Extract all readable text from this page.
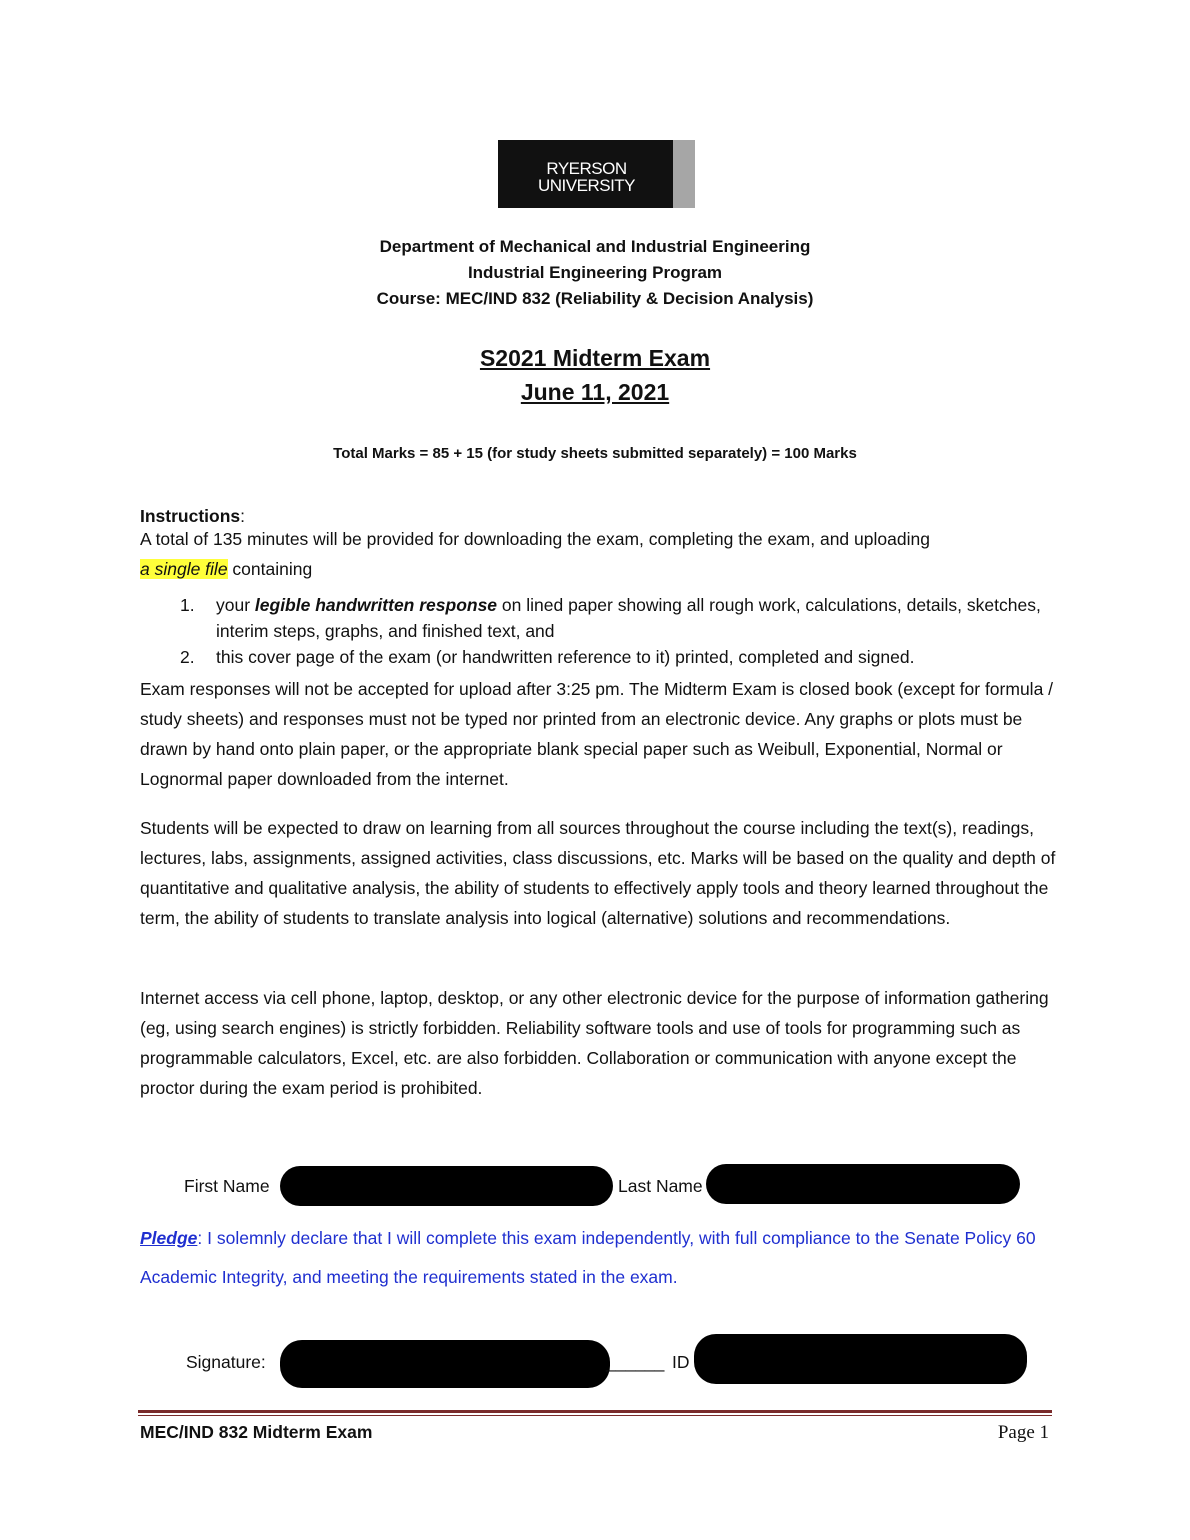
RYERSON
UNIVERSITY
Department of Mechanical and Industrial Engineering
Industrial Engineering Program
Course: MEC/IND 832 (Reliability & Decision Analysis)
S2021 Midterm Exam
June 11, 2021
Total Marks = 85 + 15 (for study sheets submitted separately) = 100 Marks
Instructions:
A total of 135 minutes will be provided for downloading the exam, completing the exam, and uploading
a single file containing
1. your legible handwritten response on lined paper showing all rough work, calculations, details, sketches, interim steps, graphs, and finished text, and
2. this cover page of the exam (or handwritten reference to it) printed, completed and signed.
Exam responses will not be accepted for upload after 3:25 pm. The Midterm Exam is closed book (except for formula / study sheets) and responses must not be typed nor printed from an electronic device. Any graphs or plots must be drawn by hand onto plain paper, or the appropriate blank special paper such as Weibull, Exponential, Normal or Lognormal paper downloaded from the internet.
Students will be expected to draw on learning from all sources throughout the course including the text(s), readings, lectures, labs, assignments, assigned activities, class discussions, etc. Marks will be based on the quality and depth of quantitative and qualitative analysis, the ability of students to effectively apply tools and theory learned throughout the term, the ability of students to translate analysis into logical (alternative) solutions and recommendations.
Internet access via cell phone, laptop, desktop, or any other electronic device for the purpose of information gathering (eg, using search engines) is strictly forbidden. Reliability software tools and use of tools for programming such as programmable calculators, Excel, etc. are also forbidden. Collaboration or communication with anyone except the proctor during the exam period is prohibited.
First Name	Last Name
Pledge: I solemnly declare that I will complete this exam independently, with full compliance to the Senate Policy 60 Academic Integrity, and meeting the requirements stated in the exam.
Signature:	______ ID
MEC/IND 832 Midterm Exam	Page 1
